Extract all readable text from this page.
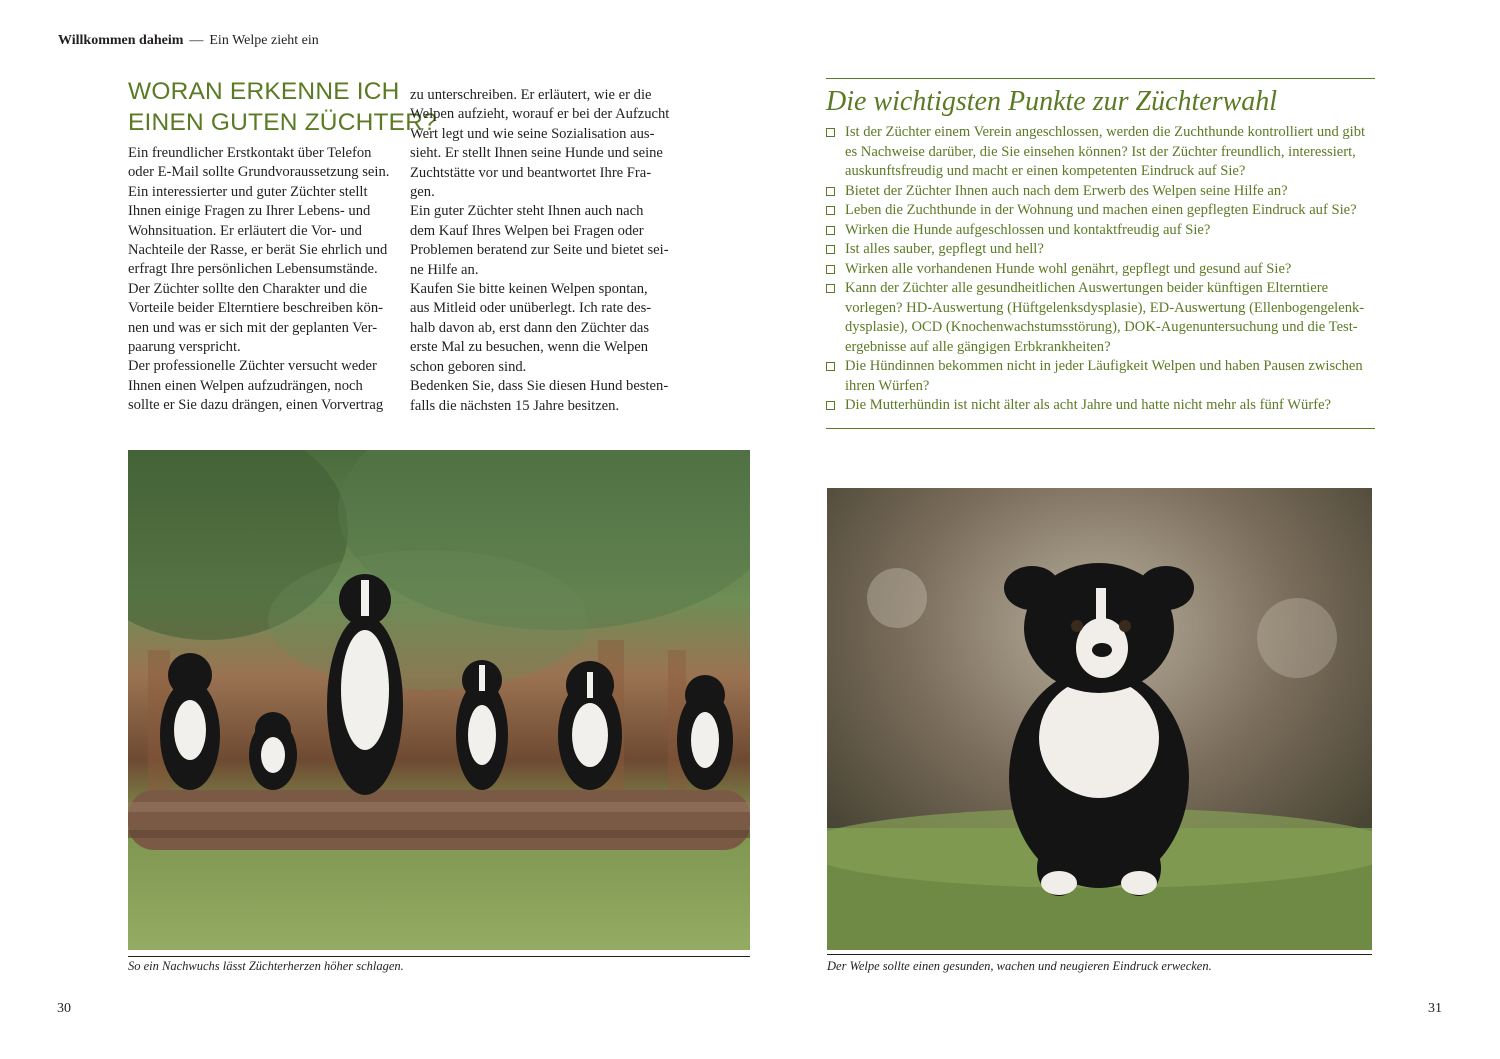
Willkommen daheim — Ein Welpe zieht ein
WORAN ERKENNE ICH
EINEN GUTEN ZÜCHTER?
Ein freundlicher Erstkontakt über Telefon
oder E-Mail sollte Grundvoraussetzung sein.
Ein interessierter und guter Züchter stellt
Ihnen einige Fragen zu Ihrer Lebens- und
Wohnsituation. Er erläutert die Vor- und
Nachteile der Rasse, er berät Sie ehrlich und
erfragt Ihre persönlichen Lebensumstände.
Der Züchter sollte den Charakter und die
Vorteile beider Elterntiere beschreiben kön-
nen und was er sich mit der geplanten Ver-
paarung verspricht.
Der professionelle Züchter versucht weder
Ihnen einen Welpen aufzudrängen, noch
sollte er Sie dazu drängen, einen Vorvertrag
zu unterschreiben. Er erläutert, wie er die
Welpen aufzieht, worauf er bei der Aufzucht
Wert legt und wie seine Sozialisation aus-
sieht. Er stellt Ihnen seine Hunde und seine
Zuchtstätte vor und beantwortet Ihre Fra-
gen.
Ein guter Züchter steht Ihnen auch nach
dem Kauf Ihres Welpen bei Fragen oder
Problemen beratend zur Seite und bietet sei-
ne Hilfe an.
Kaufen Sie bitte keinen Welpen spontan,
aus Mitleid oder unüberlegt. Ich rate des-
halb davon ab, erst dann den Züchter das
erste Mal zu besuchen, wenn die Welpen
schon geboren sind.
Bedenken Sie, dass Sie diesen Hund besten-
falls die nächsten 15 Jahre besitzen.
Die wichtigsten Punkte zur Züchterwahl
Ist der Züchter einem Verein angeschlossen, werden die Zuchthunde kontrolliert und gibt
es Nachweise darüber, die Sie einsehen können? Ist der Züchter freundlich, interessiert,
auskunftsfreudig und macht er einen kompetenten Eindruck auf Sie?
Bietet der Züchter Ihnen auch nach dem Erwerb des Welpen seine Hilfe an?
Leben die Zuchthunde in der Wohnung und machen einen gepflegten Eindruck auf Sie?
Wirken die Hunde aufgeschlossen und kontaktfreudig auf Sie?
Ist alles sauber, gepflegt und hell?
Wirken alle vorhandenen Hunde wohl genährt, gepflegt und gesund auf Sie?
Kann der Züchter alle gesundheitlichen Auswertungen beider künftigen Elterntiere
vorlegen? HD-Auswertung (Hüftgelenksdysplasie), ED-Auswertung (Ellenbogengelenk-
dysplasie), OCD (Knochenwachstumsstörung), DOK-Augenuntersuchung und die Test-
ergebnisse auf alle gängigen Erbkrankheiten?
Die Hündinnen bekommen nicht in jeder Läufigkeit Welpen und haben Pausen zwischen
ihren Würfen?
Die Mutterhündin ist nicht älter als acht Jahre und hatte nicht mehr als fünf Würfe?
So ein Nachwuchs lässt Züchterherzen höher schlagen.	Der Welpe sollte einen gesunden, wachen und neugieren Eindruck erwecken.
30	31
